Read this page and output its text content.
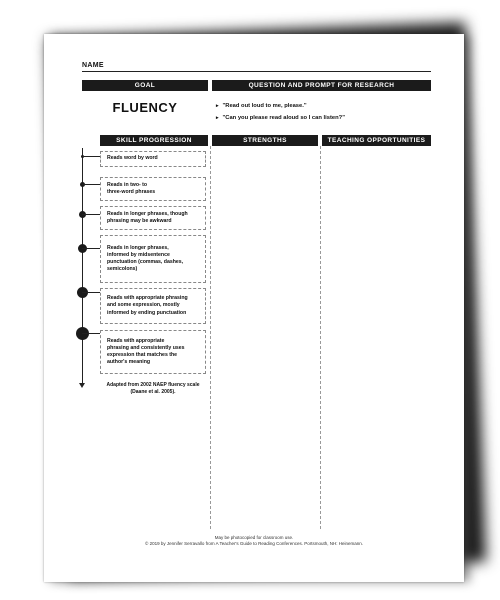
NAME
GOAL	QUESTION AND PROMPT FOR RESEARCH
FLUENCY	▸ "Read out loud to me, please."
▸ "Can you please read aloud so I can listen?"
SKILL PROGRESSION	STRENGTHS	TEACHING OPPORTUNITIES
Reads word by word
Reads in two- to
three-word phrases
Reads in longer phrases, though
phrasing may be awkward
Reads in longer phrases,
informed by midsentence
punctuation (commas, dashes,
semicolons)
Reads with appropriate phrasing
and some expression, mostly
informed by ending punctuation
Reads with appropriate
phrasing and consistently uses
expression that matches the
author's meaning
Adapted from 2002 NAEP fluency scale
(Daane et al. 2005).
May be photocopied for classroom use.
© 2019 by Jennifer Serravallo from A Teacher's Guide to Reading Conferences. Portsmouth, NH: Heinemann.
